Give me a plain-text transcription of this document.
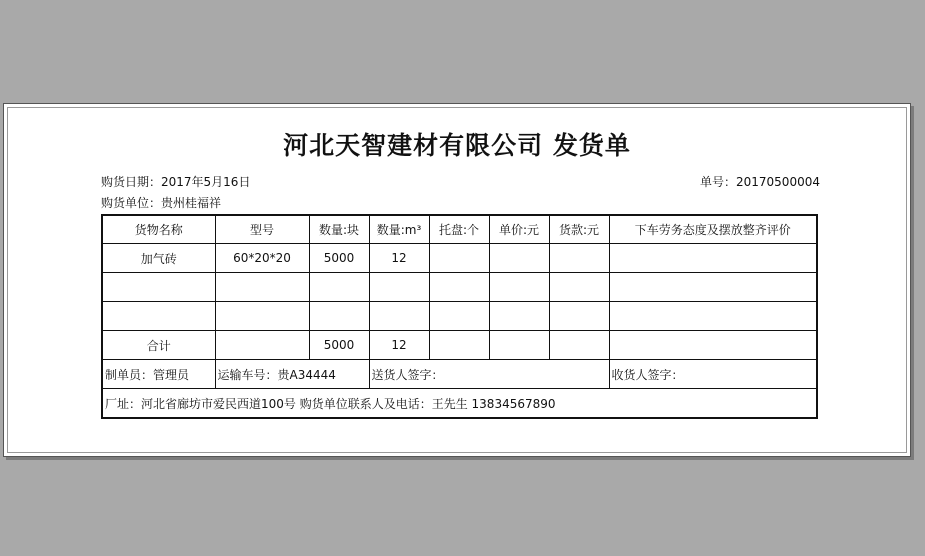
河北天智建材有限公司 发货单
购货日期：2017年5月16日	单号：20170500004
购货单位：贵州桂福祥
货物名称	型号	数量:块	数量:m³	托盘:个	单价:元	货款:元	下车劳务态度及摆放整齐评价
加气砖	60*20*20	5000	12				

合计		5000	12				
制单员：管理员	运输车号：贵A34444		送货人签字：				收货人签字：
厂址：河北省廊坊市爱民西道100号 购货单位联系人及电话：王先生 13834567890							
